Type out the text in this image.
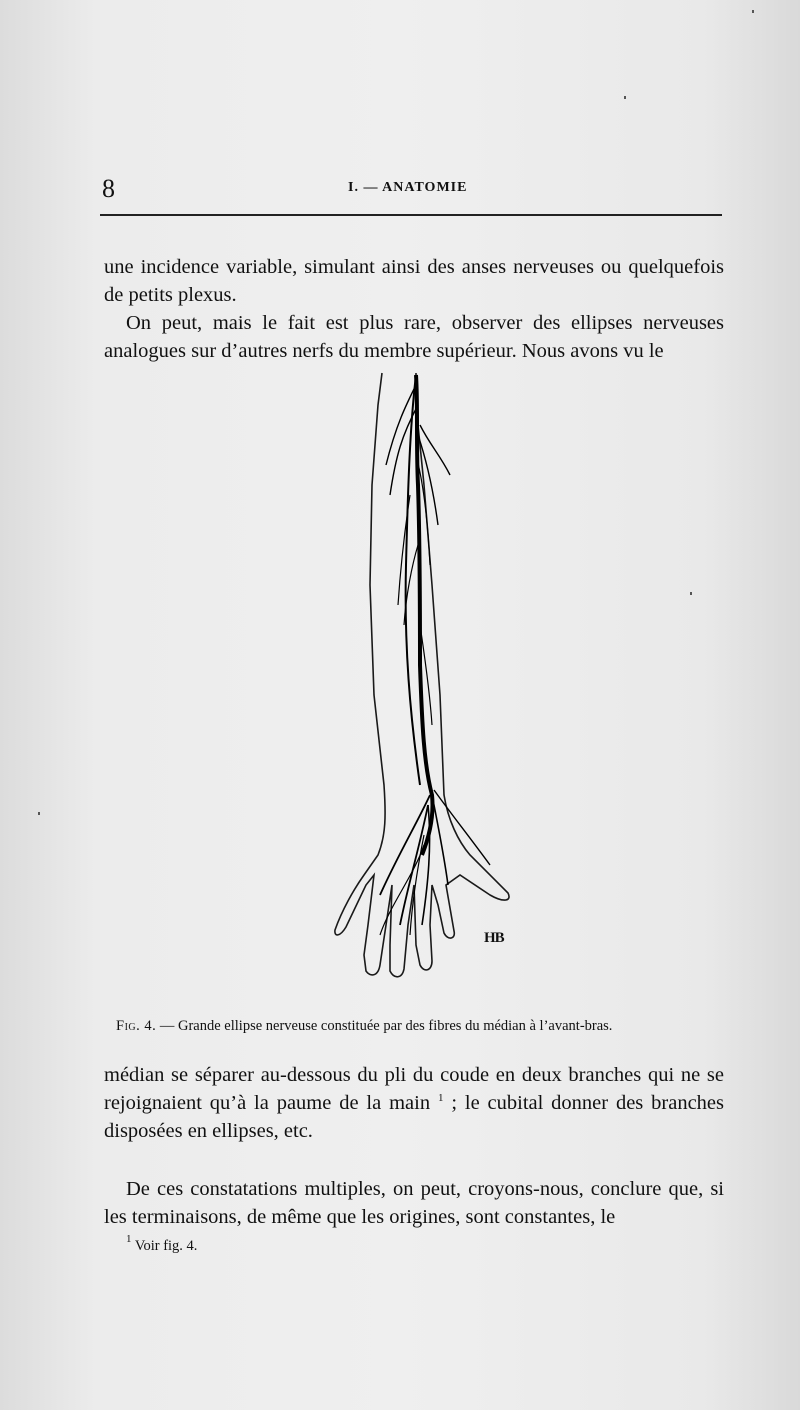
8	I. — ANATOMIE

une incidence variable, simulant ainsi des anses nerveuses ou quelquefois de petits plexus.

On peut, mais le fait est plus rare, observer des ellipses nerveuses analogues sur d’autres nerfs du membre supérieur. Nous avons vu le

HB

Fig. 4. — Grande ellipse nerveuse constituée par des fibres du médian à l’avant-bras.

médian se séparer au-dessous du pli du coude en deux branches qui ne se rejoignaient qu’à la paume de la main $^1$ ; le cubital donner des branches disposées en ellipses, etc.

De ces constatations multiples, on peut, croyons-nous, conclure que, si les terminaisons, de même que les origines, sont constantes, le

$^1$ Voir fig. 4.
